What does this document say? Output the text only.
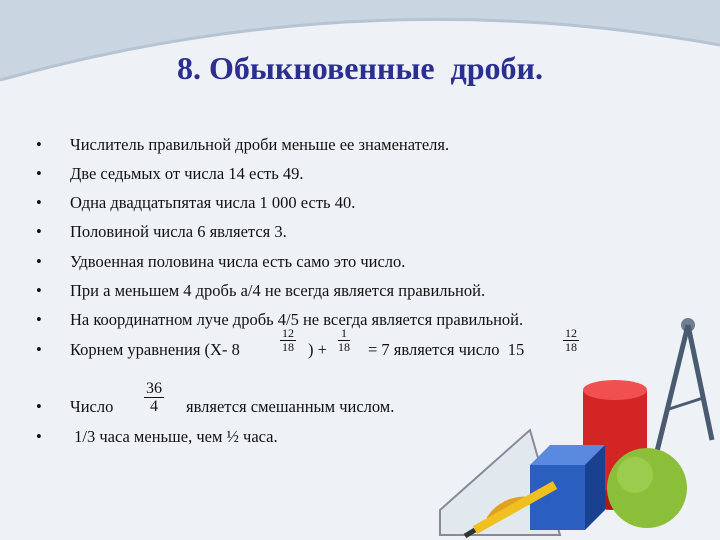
8. Обыкновенные  дроби.
• Числитель правильной дроби меньше ее знаменателя.
• Две седьмых от числа 14 есть 49.
• Одна двадцатьпятая числа 1 000 есть 40.
• Половиной числа 6 является 3.
• Удвоенная половина числа есть само это число.
• При а меньшем 4 дробь а/4 не всегда является правильной.
• На координатном луче дробь 4/5 не всегда является правильной.
• Корнем уравнения (Х- 8	$\frac{12}{18}$ ) + $\frac{1}{18} = 7$ является число  15	$\frac{12}{18}$

• Число $\frac{36}{4}$ является смешанным числом.

• 1/3 часа меньше, чем ½ часа.
